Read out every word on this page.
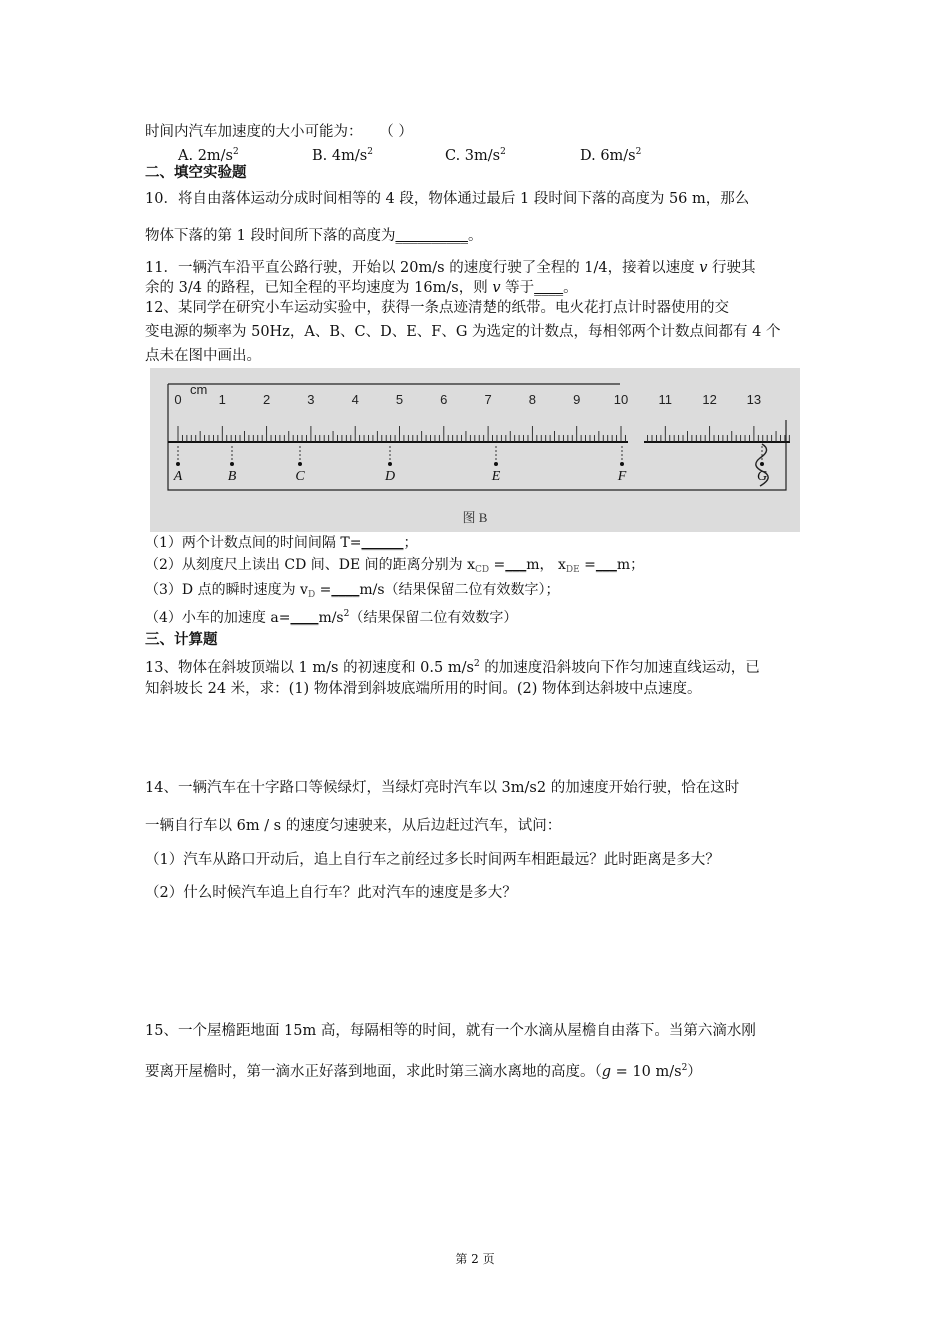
时间内汽车加速度的大小可能为： （ ）
A. $2m/s^2$	B. $4m/s^2$	C. $3m/s^2$	D. $6m/s^2$
二、填空实验题
10．将自由落体运动分成时间相等的 4 段，物体通过最后 1 段时间下落的高度为 56 m，那么
物体下落的第 1 段时间所下落的高度为__________。
11．一辆汽车沿平直公路行驶，开始以 20m/s 的速度行驶了全程的 1/4，接着以速度 v 行驶其
余的 3/4 的路程，已知全程的平均速度为 16m/s，则 v 等于____。
12、某同学在研究小车运动实验中，获得一条点迹清楚的纸带。电火花打点计时器使用的交
变电源的频率为 50Hz，A、B、C、D、E、F、G 为选定的计数点，每相邻两个计数点间都有 4 个
点未在图中画出。
0	1	2	3	4	5	6	7	8	9	10 11 12 13
cm
A	B	C	D	E	F	G
图 B
（1）两个计数点间的时间间隔 T=______；
（2）从刻度尺上读出 CD 间、DE 间的距离分别为 $x_{CD}$ =___m， $x_{DE}$ =___m；
（3）D 点的瞬时速度为 $v_D$ =____m/s（结果保留二位有效数字）；
（4）小车的加速度 $a=\_\_\_\_m/s^2$（结果保留二位有效数字）
三、计算题
13、物体在斜坡顶端以 1 m/s 的初速度和 0.5 $m/s^2$ 的加速度沿斜坡向下作匀加速直线运动，已
知斜坡长 24 米，求：(1) 物体滑到斜坡底端所用的时间。(2) 物体到达斜坡中点速度。
14、一辆汽车在十字路口等候绿灯，当绿灯亮时汽车以 3m/s2 的加速度开始行驶，恰在这时
一辆自行车以 6m / s 的速度匀速驶来，从后边赶过汽车，试问：
（1）汽车从路口开动后，追上自行车之前经过多长时间两车相距最远？此时距离是多大？
（2）什么时候汽车追上自行车？此对汽车的速度是多大？
15、一个屋檐距地面 15m 高，每隔相等的时间，就有一个水滴从屋檐自由落下。当第六滴水刚
要离开屋檐时，第一滴水正好落到地面，求此时第三滴水离地的高度。（g = 10 $m/s^2$）
第 2 页
